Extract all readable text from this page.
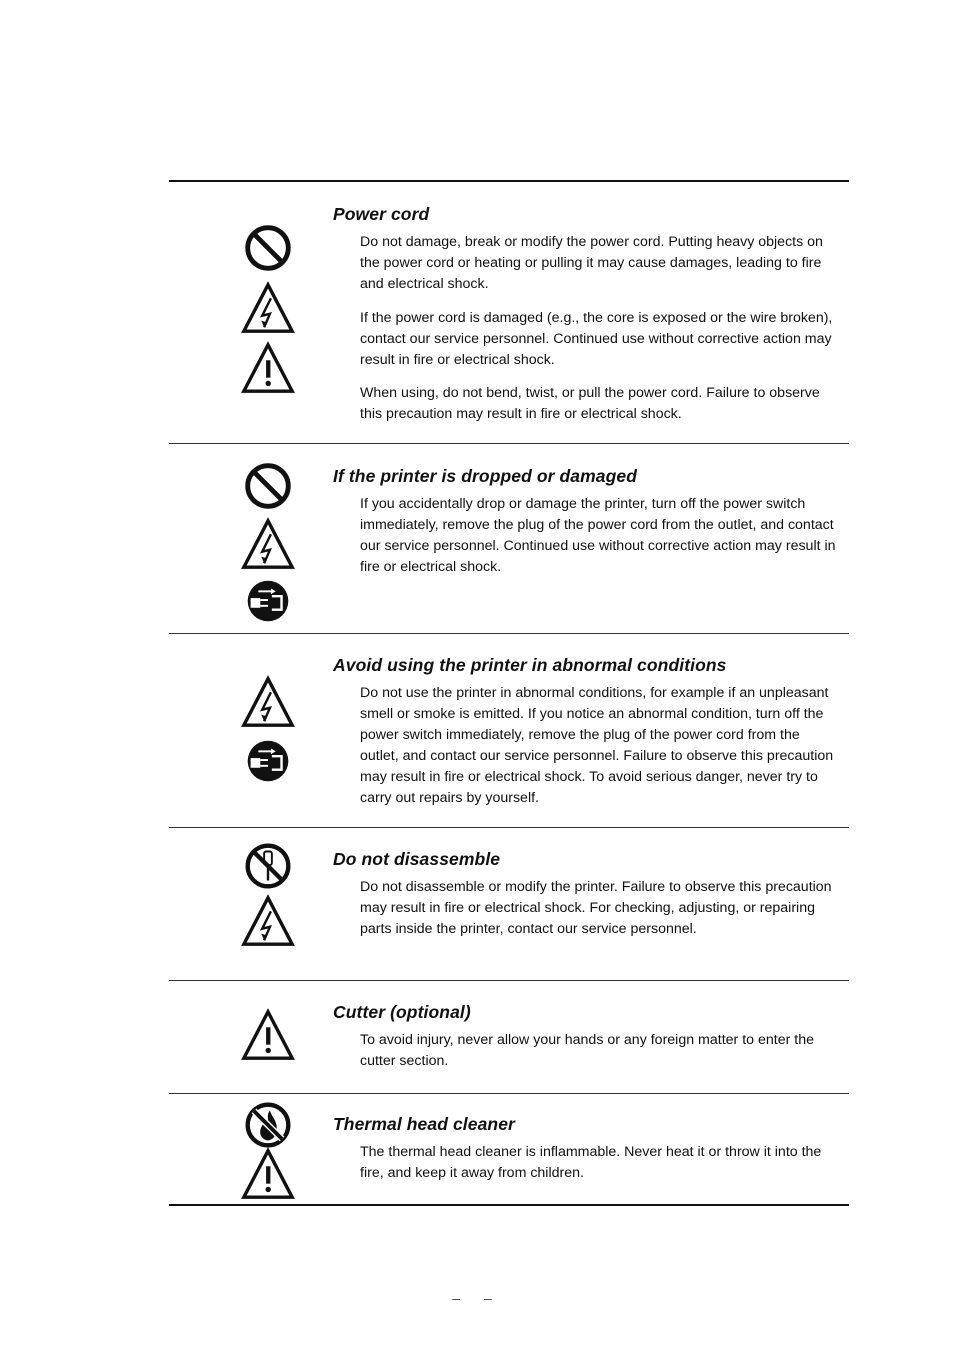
Power cord

Do not damage, break or modify the power cord. Putting heavy objects on the power cord or heating or pulling it may cause damages, leading to fire and electrical shock.

If the power cord is damaged (e.g., the core is exposed or the wire broken), contact our service personnel. Continued use without corrective action may result in fire or electrical shock.

When using, do not bend, twist, or pull the power cord. Failure to observe this precaution may result in fire or electrical shock.

If the printer is dropped or damaged

If you accidentally drop or damage the printer, turn off the power switch immediately, remove the plug of the power cord from the outlet, and contact our service personnel. Continued use without corrective action may result in fire or electrical shock.

Avoid using the printer in abnormal conditions

Do not use the printer in abnormal conditions, for example if an unpleasant smell or smoke is emitted. If you notice an abnormal condition, turn off the power switch immediately, remove the plug of the power cord from the outlet, and contact our service personnel. Failure to observe this precaution may result in fire or electrical shock. To avoid serious danger, never try to carry out repairs by yourself.

Do not disassemble

Do not disassemble or modify the printer. Failure to observe this precaution may result in fire or electrical shock. For checking, adjusting, or repairing parts inside the printer, contact our service personnel.

Cutter (optional)

To avoid injury, never allow your hands or any foreign matter to enter the cutter section.

Thermal head cleaner

The thermal head cleaner is inflammable. Never heat it or throw it into the fire, and keep it away from children.

– –
